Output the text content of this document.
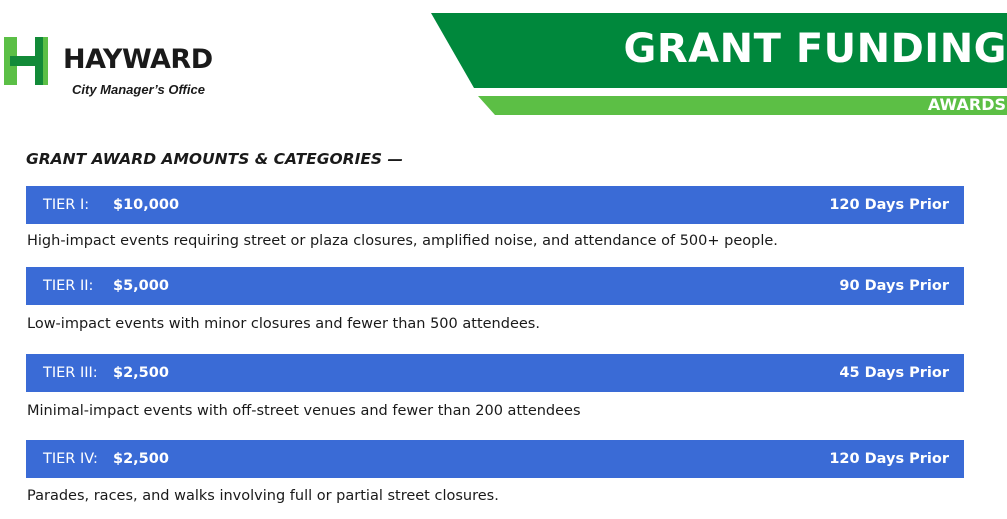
GRANT FUNDING
AWARDS
HAYWARD
City Manager’s Office
GRANT AWARD AMOUNTS & CATEGORIES —
TIER I: $10,000	120 Days Prior
High-impact events requiring street or plaza closures, amplified noise, and attendance of 500+ people.
TIER II: $5,000	90 Days Prior
Low-impact events with minor closures and fewer than 500 attendees.
TIER III: $2,500	45 Days Prior
Minimal-impact events with off-street venues and fewer than 200 attendees
TIER IV: $2,500	120 Days Prior
Parades, races, and walks involving full or partial street closures.
